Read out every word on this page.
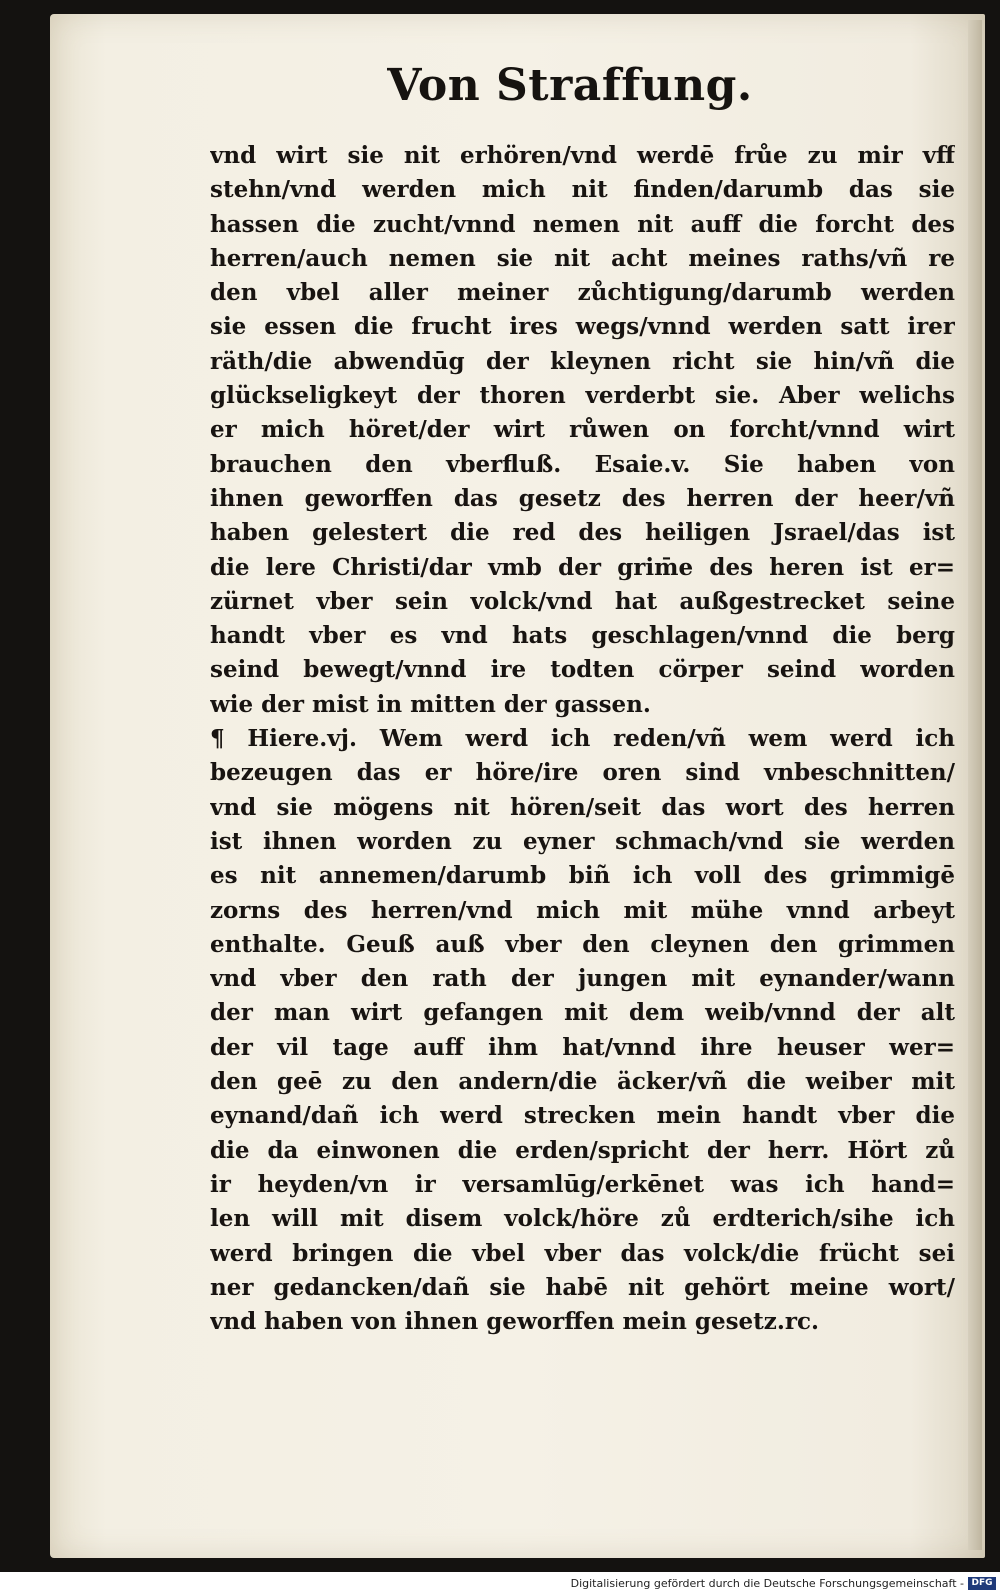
Von Straffung.
vnd wirt sie nit erhören/vnd werdē frůe zu mir vff
stehn/vnd werden mich nit finden/darumb das sie
hassen die zucht/vnnd nemen nit auff die forcht des
herren/auch nemen sie nit acht meines raths/vñ re
den vbel aller meiner zůchtigung/darumb werden
sie essen die frucht ires wegs/vnnd werden satt irer
räth/die abwendūg der kleynen richt sie hin/vñ die
glückseligkeyt der thoren verderbt sie. Aber welichs
er mich höret/der wirt růwen on forcht/vnnd wirt
brauchen den vberfluß. Esaie.v. Sie haben von
ihnen geworffen das gesetz des herren der heer/vñ
haben gelestert die red des heiligen Jsrael/das ist
die lere Christi/dar vmb der grim̄e des heren ist er=
zürnet vber sein volck/vnd hat außgestrecket seine
handt vber es vnd hats geschlagen/vnnd die berg
seind bewegt/vnnd ire todten cörper seind worden
wie der mist in mitten der gassen.
¶ Hiere.vj. Wem werd ich reden/vñ wem werd ich
bezeugen das er höre/ire oren sind vnbeschnitten/
vnd sie mögens nit hören/seit das wort des herren
ist ihnen worden zu eyner schmach/vnd sie werden
es nit annemen/darumb biñ ich voll des grimmigē
zorns des herren/vnd mich mit mühe vnnd arbeyt
enthalte. Geuß auß vber den cleynen den grimmen
vnd vber den rath der jungen mit eynander/wann
der man wirt gefangen mit dem weib/vnnd der alt
der vil tage auff ihm hat/vnnd ihre heuser wer=
den geē zu den andern/die äcker/vñ die weiber mit
eynand/dañ ich werd strecken mein handt vber die
die da einwonen die erden/spricht der herr. Hört zů
ir heyden/vn ir versamlūg/erkēnet was ich hand=
len will mit disem volck/höre zů erdterich/sihe ich
werd bringen die vbel vber das volck/die frücht sei
ner gedancken/dañ sie habē nit gehört meine wort/
vnd haben von ihnen geworffen mein gesetz.rc.
Digitalisierung gefördert durch die Deutsche Forschungsgemeinschaft - DFG
